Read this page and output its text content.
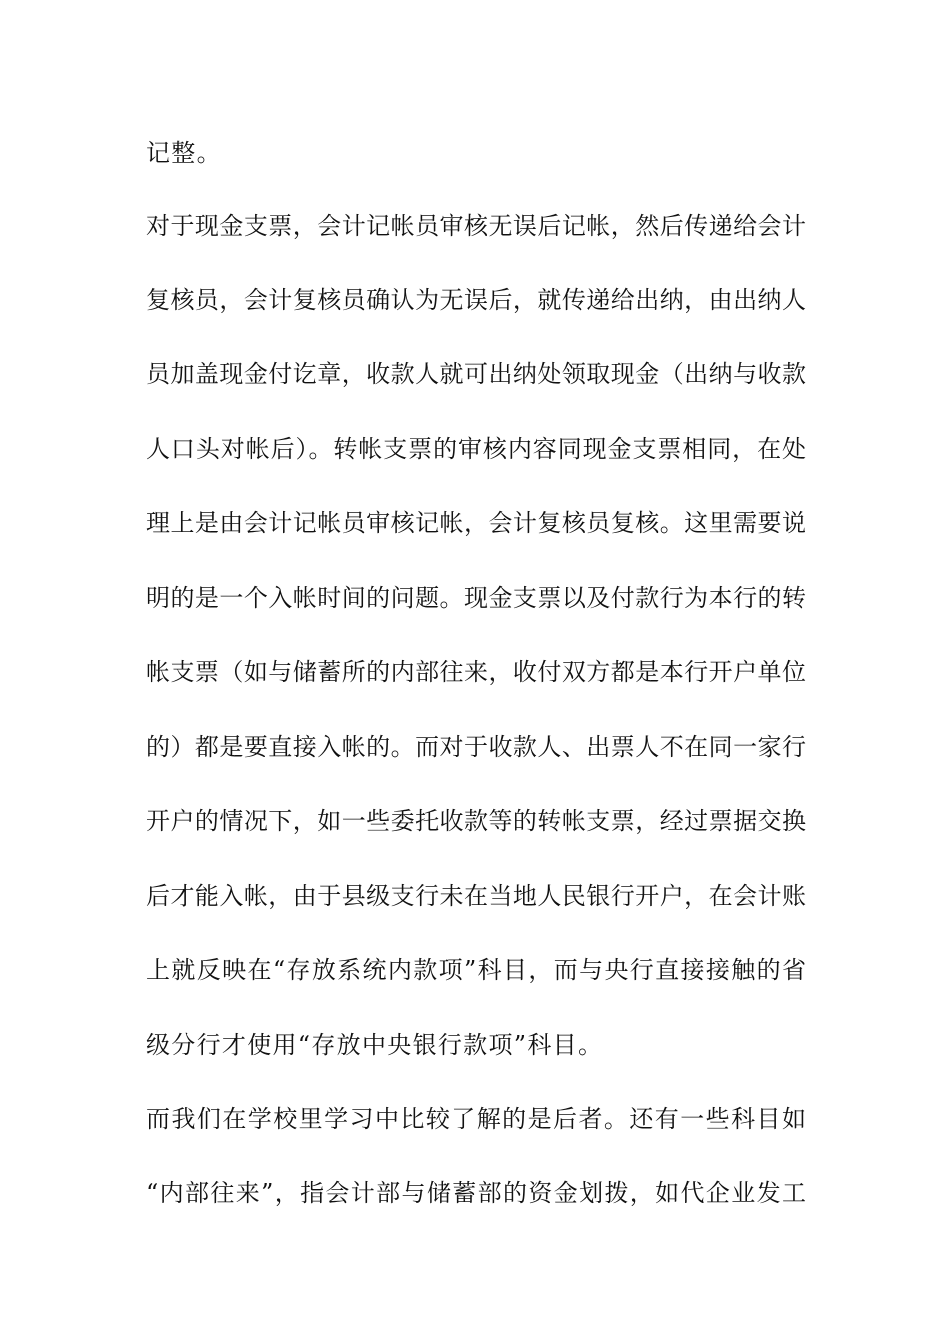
记整。
对于现金支票，会计记帐员审核无误后记帐，然后传递给会计
复核员，会计复核员确认为无误后，就传递给出纳，由出纳人
员加盖现金付讫章，收款人就可出纳处领取现金（出纳与收款
人口头对帐后）。转帐支票的审核内容同现金支票相同，在处
理上是由会计记帐员审核记帐，会计复核员复核。这里需要说
明的是一个入帐时间的问题。现金支票以及付款行为本行的转
帐支票（如与储蓄所的内部往来，收付双方都是本行开户单位
的）都是要直接入帐的。而对于收款人、出票人不在同一家行
开户的情况下，如一些委托收款等的转帐支票，经过票据交换
后才能入帐，由于县级支行未在当地人民银行开户，在会计账
上就反映在“存放系统内款项”科目，而与央行直接接触的省
级分行才使用“存放中央银行款项”科目。
而我们在学校里学习中比较了解的是后者。还有一些科目如
“内部往来”，指会计部与储蓄部的资金划拨，如代企业发工
